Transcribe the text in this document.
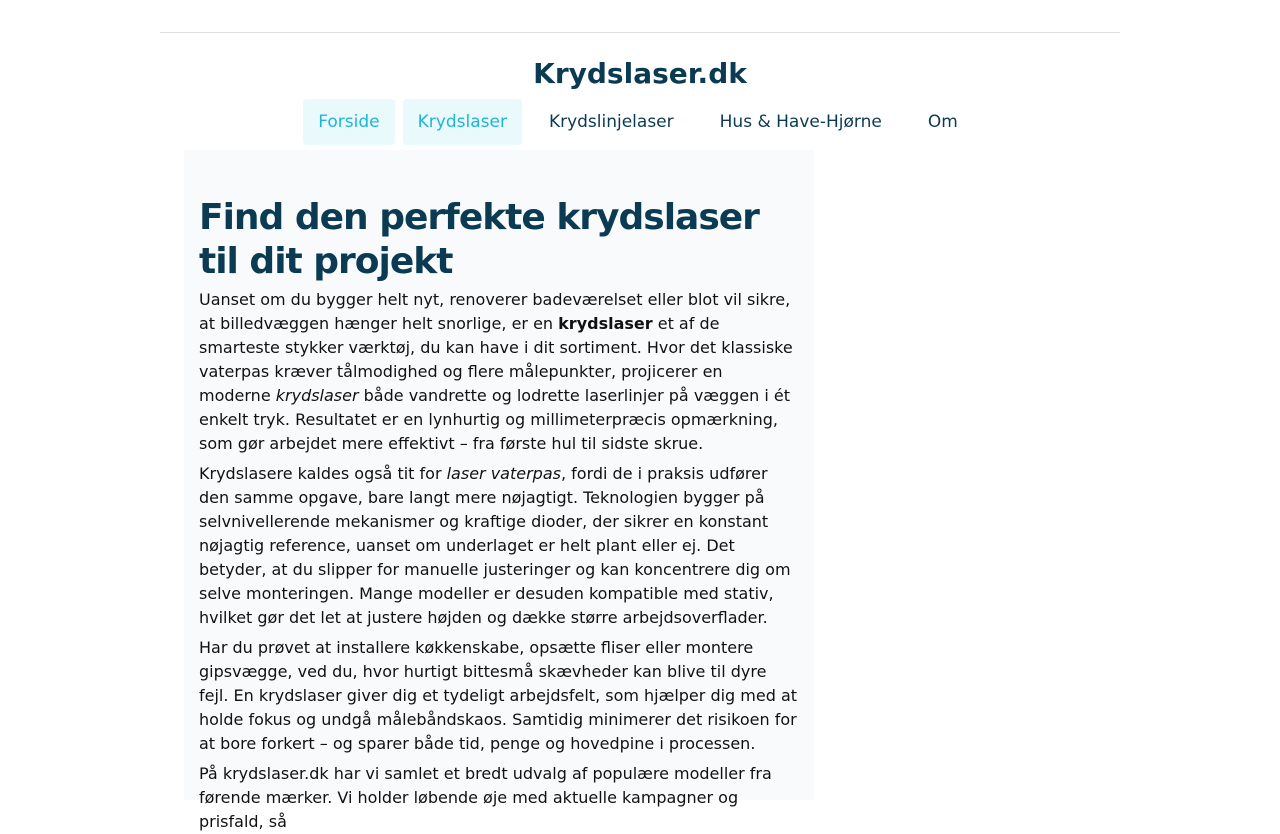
Krydslaser.dk
Forside	Krydslaser	Krydslinjelaser	Hus & Have-Hjørne	Om
Find den perfekte krydslaser til dit projekt

Uanset om du bygger helt nyt, renoverer badeværelset eller blot vil sikre, at billedvæggen hænger helt snorlige, er en krydslaser et af de smarteste stykker værktøj, du kan have i dit sortiment. Hvor det klassiske vaterpas kræver tålmodighed og flere målepunkter, projicerer en moderne krydslaser både vandrette og lodrette laserlinjer på væggen i ét enkelt tryk. Resultatet er en lynhurtig og millimeterpræcis opmærkning, som gør arbejdet mere effektivt – fra første hul til sidste skrue.

Krydslasere kaldes også tit for laser vaterpas, fordi de i praksis udfører den samme opgave, bare langt mere nøjagtigt. Teknologien bygger på selvnivellerende mekanismer og kraftige dioder, der sikrer en konstant nøjagtig reference, uanset om underlaget er helt plant eller ej. Det betyder, at du slipper for manuelle justeringer og kan koncentrere dig om selve monteringen. Mange modeller er desuden kompatible med stativ, hvilket gør det let at justere højden og dække større arbejdsoverflader.

Har du prøvet at installere køkkenskabe, opsætte fliser eller montere gipsvægge, ved du, hvor hurtigt bittesmå skævheder kan blive til dyre fejl. En krydslaser giver dig et tydeligt arbejdsfelt, som hjælper dig med at holde fokus og undgå målebåndskaos. Samtidig minimerer det risikoen for at bore forkert – og sparer både tid, penge og hovedpine i processen.

På krydslaser.dk har vi samlet et bredt udvalg af populære modeller fra førende mærker. Vi holder løbende øje med aktuelle kampagner og prisfald, så
